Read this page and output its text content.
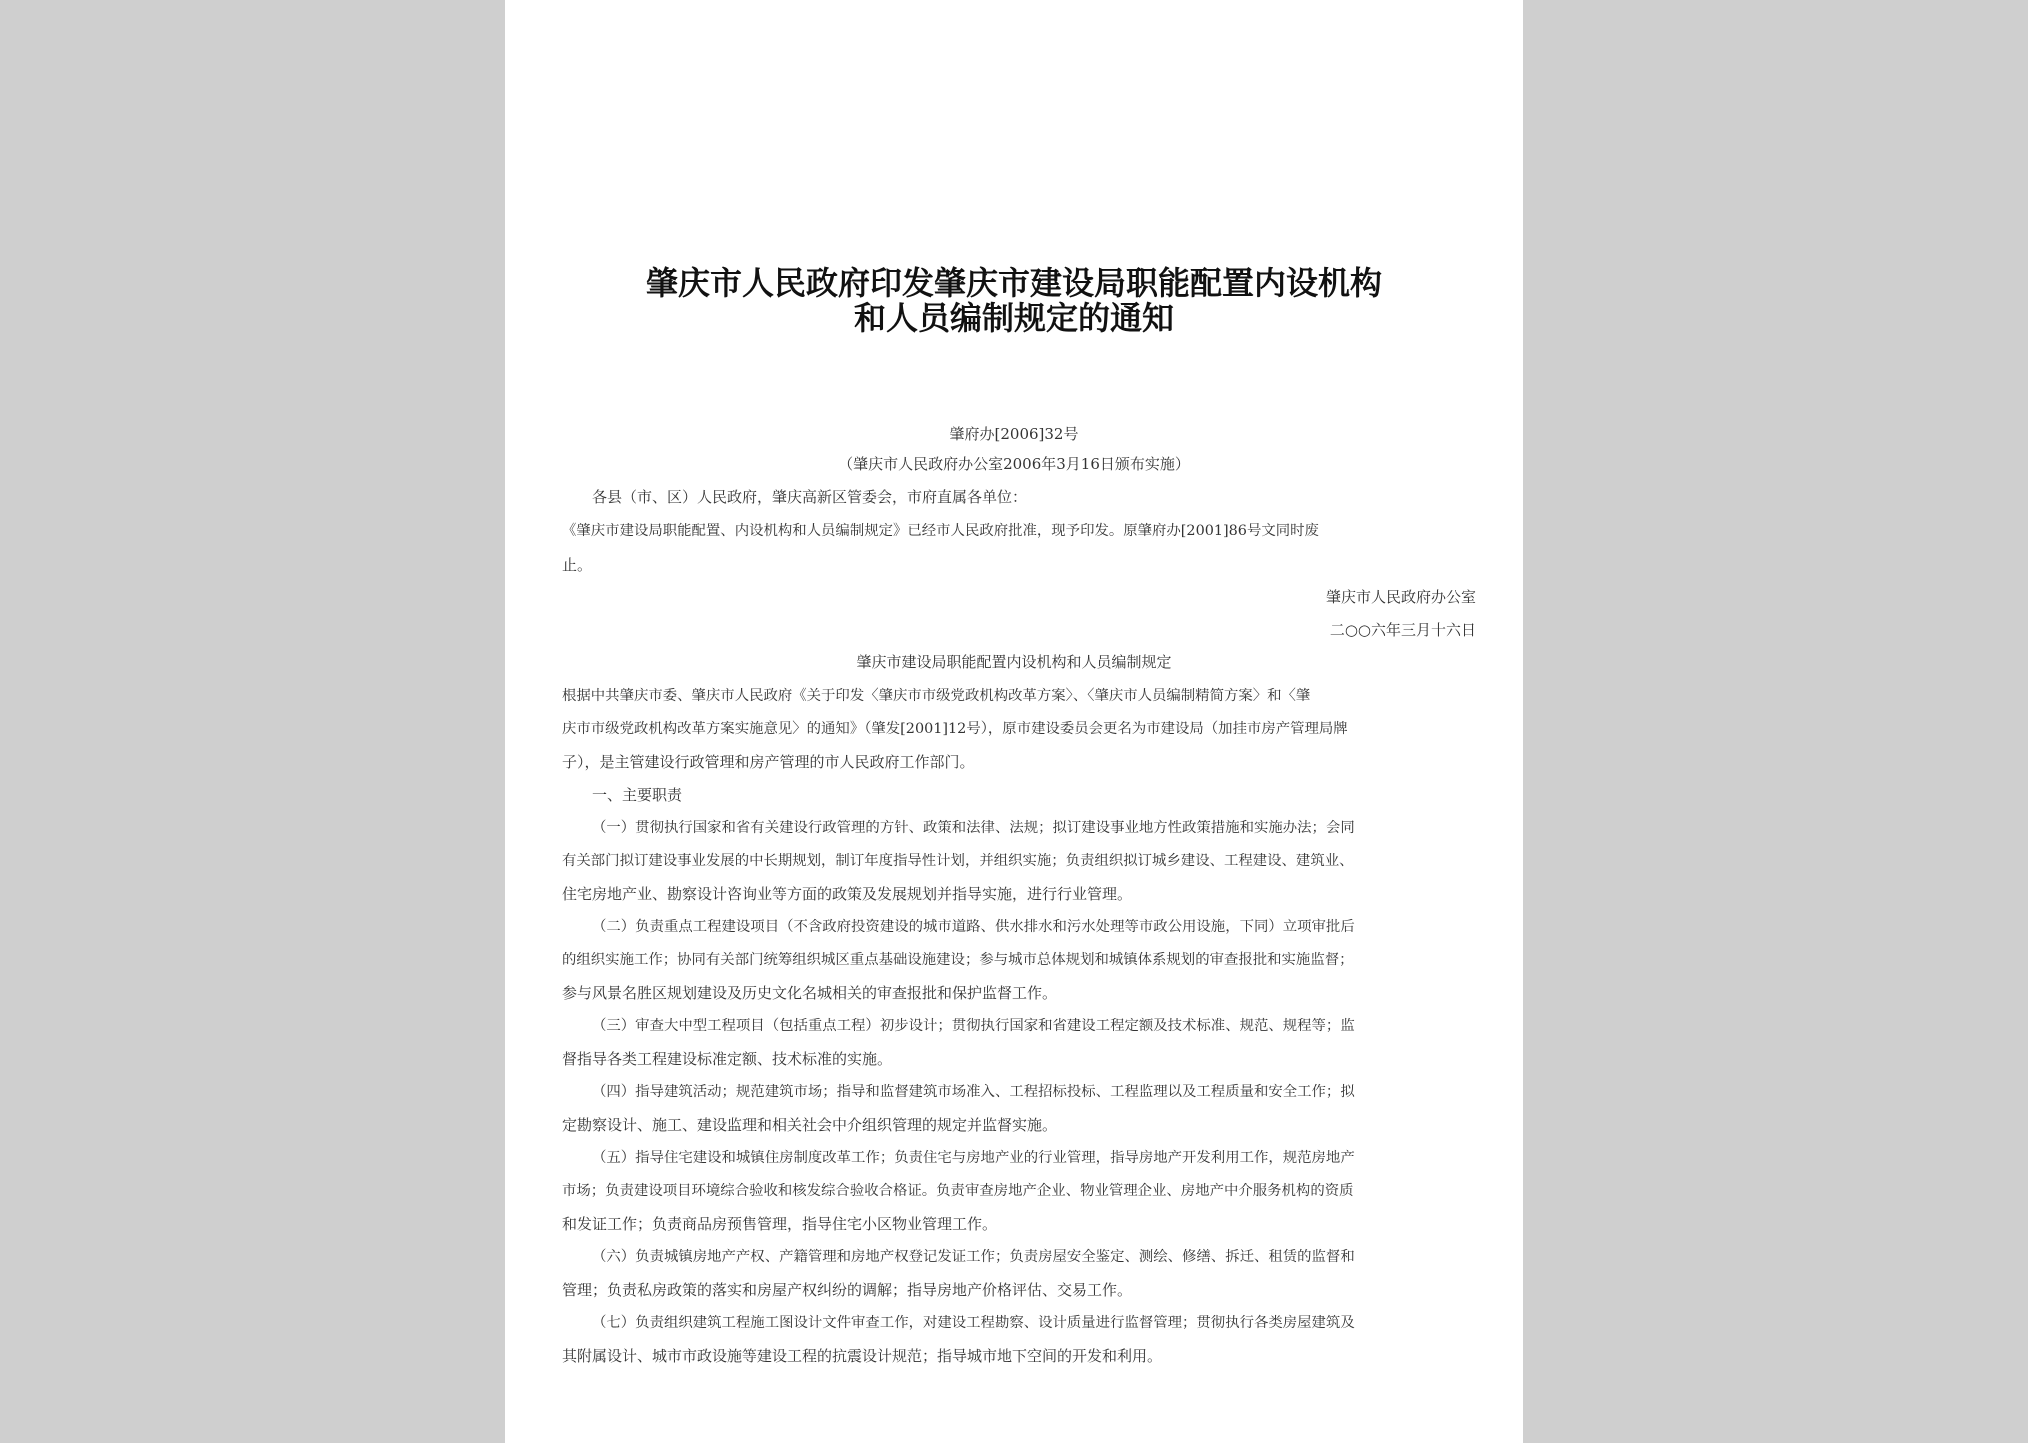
肇庆市人民政府印发肇庆市建设局职能配置内设机构
和人员编制规定的通知
肇府办[2006]32号
（肇庆市人民政府办公室2006年3月16日颁布实施）
各县（市、区）人民政府，肇庆高新区管委会，市府直属各单位：
《肇庆市建设局职能配置、内设机构和人员编制规定》已经市人民政府批准，现予印发。原肇府办[2001]86号文同时废
止。
肇庆市人民政府办公室
二○○六年三月十六日
肇庆市建设局职能配置内设机构和人员编制规定
根据中共肇庆市委、肇庆市人民政府《关于印发〈肇庆市市级党政机构改革方案〉、〈肇庆市人员编制精简方案〉和〈肇
庆市市级党政机构改革方案实施意见〉的通知》（肇发[2001]12号），原市建设委员会更名为市建设局（加挂市房产管理局牌
子），是主管建设行政管理和房产管理的市人民政府工作部门。
一、主要职责
（一）贯彻执行国家和省有关建设行政管理的方针、政策和法律、法规；拟订建设事业地方性政策措施和实施办法；会同
有关部门拟订建设事业发展的中长期规划，制订年度指导性计划，并组织实施；负责组织拟订城乡建设、工程建设、建筑业、
住宅房地产业、勘察设计咨询业等方面的政策及发展规划并指导实施，进行行业管理。
（二）负责重点工程建设项目（不含政府投资建设的城市道路、供水排水和污水处理等市政公用设施，下同）立项审批后
的组织实施工作；协同有关部门统筹组织城区重点基础设施建设；参与城市总体规划和城镇体系规划的审查报批和实施监督；
参与风景名胜区规划建设及历史文化名城相关的审查报批和保护监督工作。
（三）审查大中型工程项目（包括重点工程）初步设计；贯彻执行国家和省建设工程定额及技术标准、规范、规程等；监
督指导各类工程建设标准定额、技术标准的实施。
（四）指导建筑活动；规范建筑市场；指导和监督建筑市场准入、工程招标投标、工程监理以及工程质量和安全工作；拟
定勘察设计、施工、建设监理和相关社会中介组织管理的规定并监督实施。
（五）指导住宅建设和城镇住房制度改革工作；负责住宅与房地产业的行业管理，指导房地产开发利用工作，规范房地产
市场；负责建设项目环境综合验收和核发综合验收合格证。负责审查房地产企业、物业管理企业、房地产中介服务机构的资质
和发证工作；负责商品房预售管理，指导住宅小区物业管理工作。
（六）负责城镇房地产产权、产籍管理和房地产权登记发证工作；负责房屋安全鉴定、测绘、修缮、拆迁、租赁的监督和
管理；负责私房政策的落实和房屋产权纠纷的调解；指导房地产价格评估、交易工作。
（七）负责组织建筑工程施工图设计文件审查工作，对建设工程勘察、设计质量进行监督管理；贯彻执行各类房屋建筑及
其附属设计、城市市政设施等建设工程的抗震设计规范；指导城市地下空间的开发和利用。
